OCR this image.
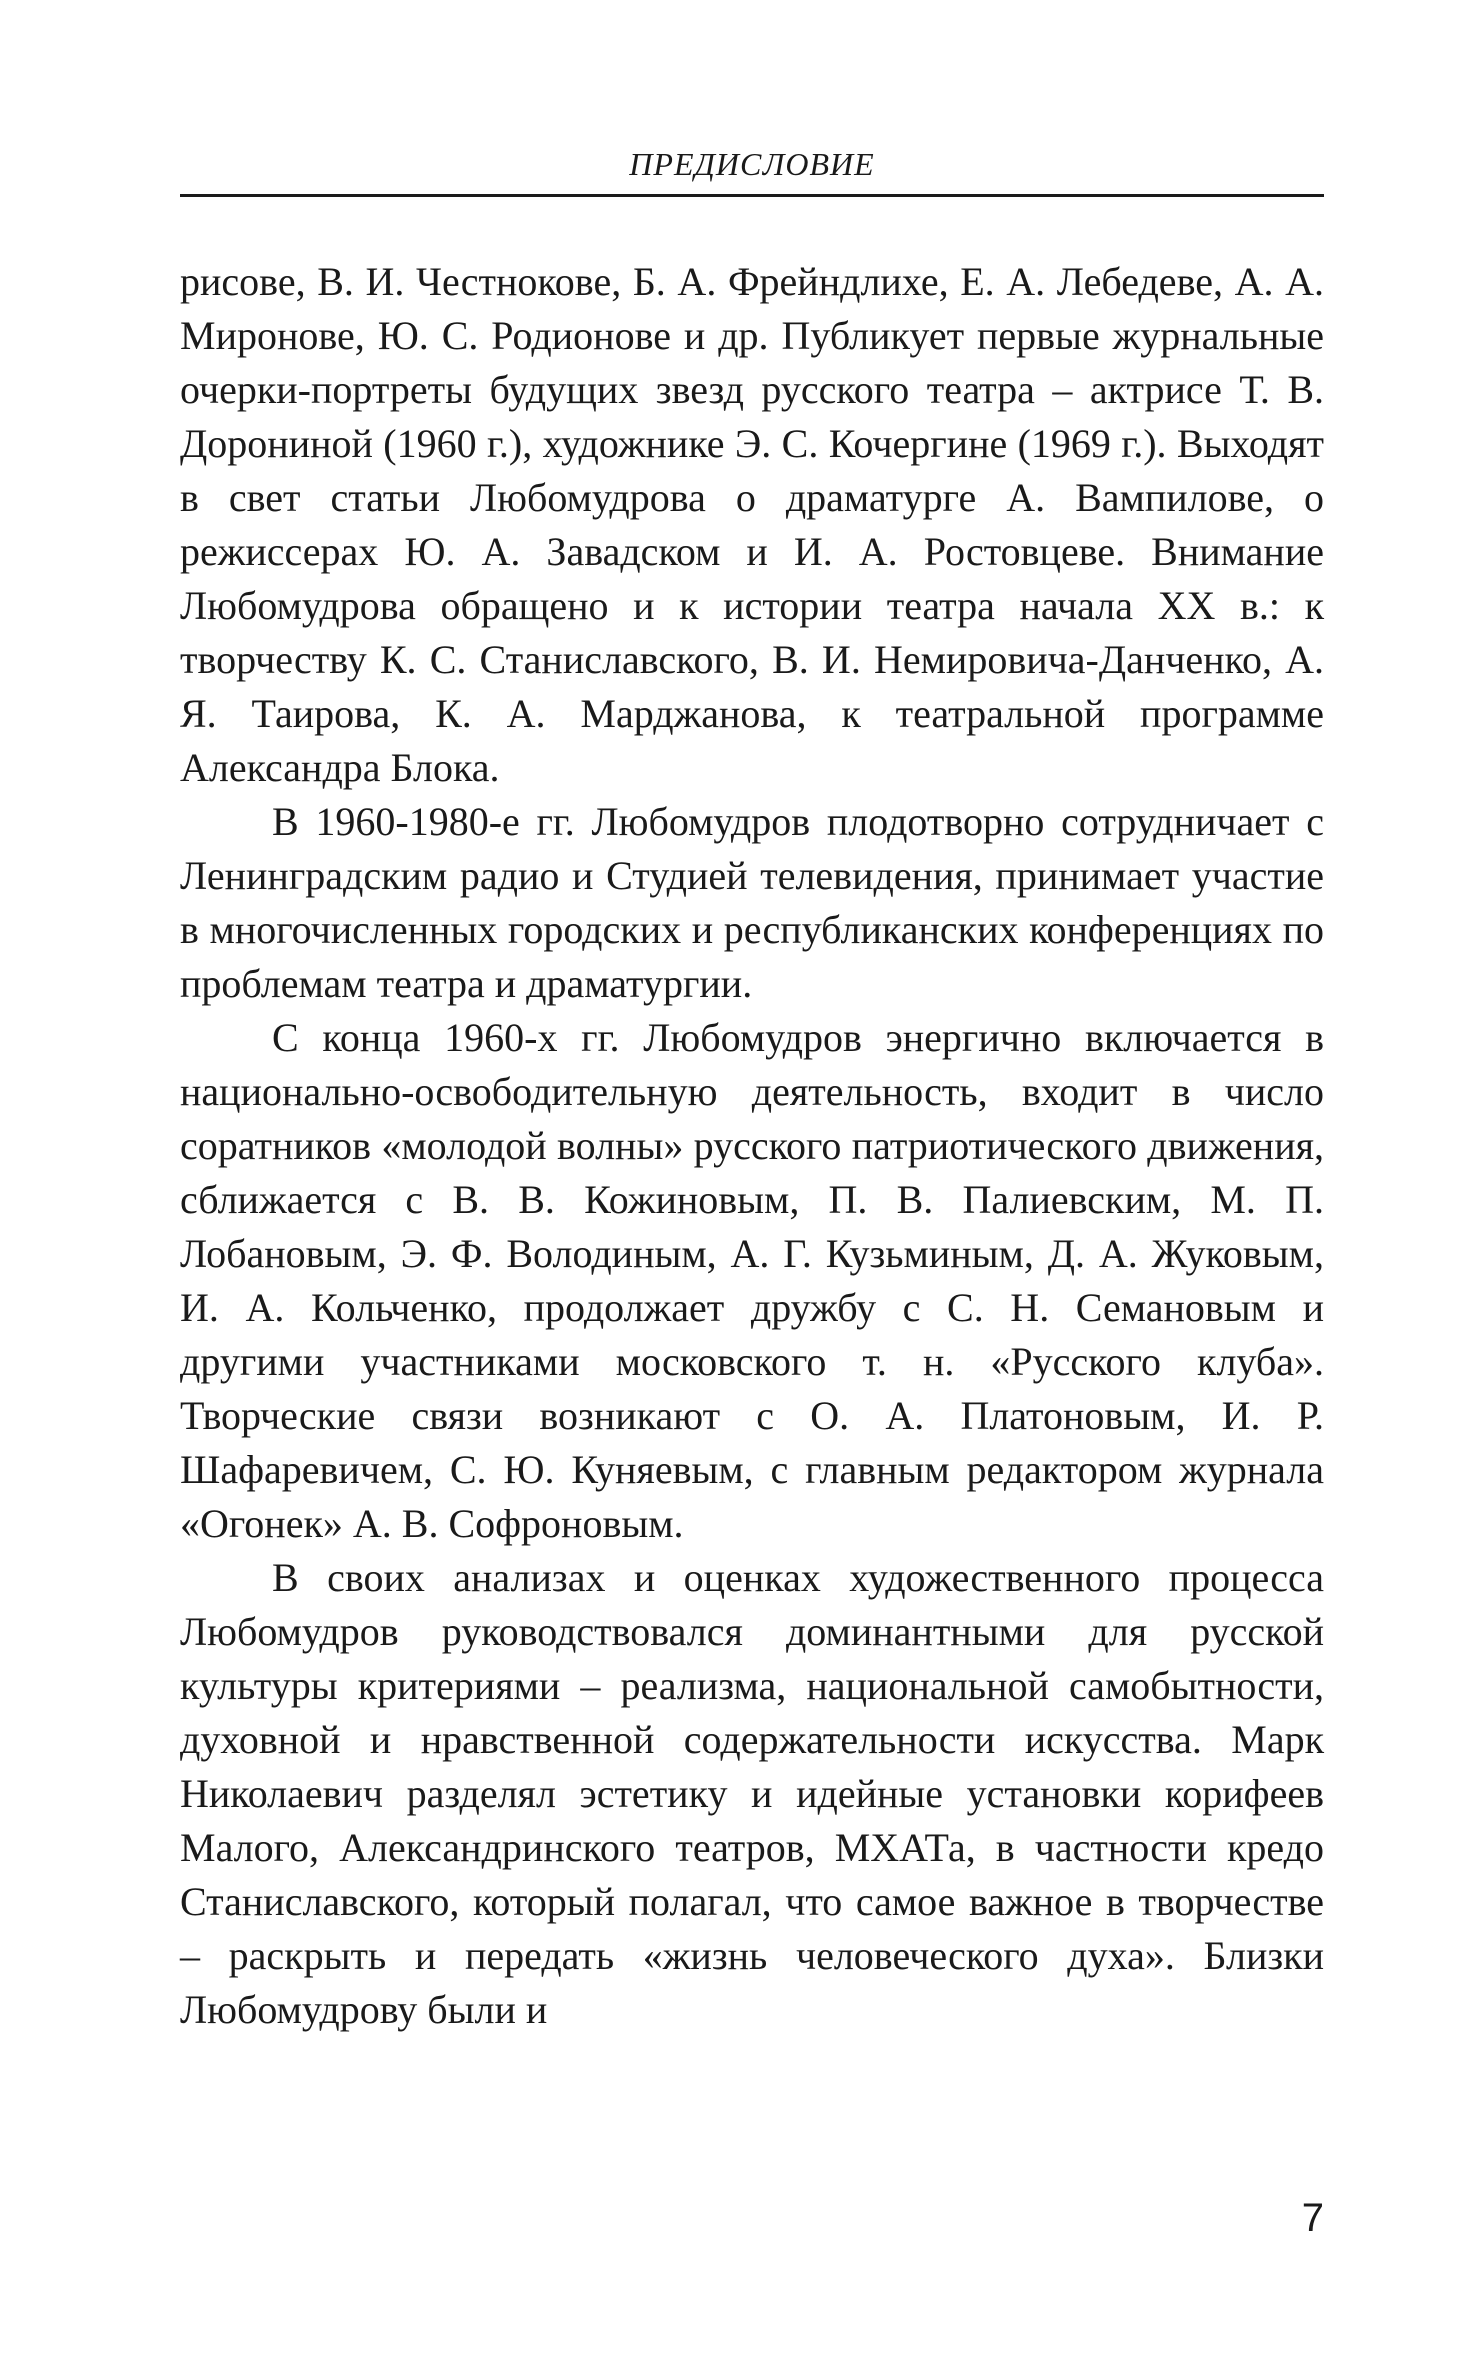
ПРЕДИСЛОВИЕ

рисове, В. И. Честнокове, Б. А. Фрейндлихе, Е. А. Лебедеве, А. А. Миронове, Ю. С. Родионове и др. Публикует первые журнальные очерки-портреты будущих звезд русского театра – актрисе Т. В. Дорониной (1960 г.), художнике Э. С. Кочергине (1969 г.). Выходят в свет статьи Любомудрова о драматурге А. Вампилове, о режиссерах Ю. А. Завадском и И. А. Ростовцеве. Внимание Любомудрова обращено и к истории театра начала XX в.: к творчеству К. С. Станиславского, В. И. Немировича-Данченко, А. Я. Таирова, К. А. Марджанова, к театральной программе Александра Блока.

В 1960-1980-е гг. Любомудров плодотворно сотрудничает с Ленинградским радио и Студией телевидения, принимает участие в многочисленных городских и республиканских конференциях по проблемам театра и драматургии.

С конца 1960-х гг. Любомудров энергично включается в национально-освободительную деятельность, входит в число соратников «молодой волны» русского патриотического движения, сближается с В. В. Кожиновым, П. В. Палиевским, М. П. Лобановым, Э. Ф. Володиным, А. Г. Кузьминым, Д. А. Жуковым, И. А. Кольченко, продолжает дружбу с С. Н. Семановым и другими участниками московского т. н. «Русского клуба». Творческие связи возникают с О. А. Платоновым, И. Р. Шафаревичем, С. Ю. Куняевым, с главным редактором журнала «Огонек» А. В. Софроновым.

В своих анализах и оценках художественного процесса Любомудров руководствовался доминантными для русской культуры критериями – реализма, национальной самобытности, духовной и нравственной содержательности искусства. Марк Николаевич разделял эстетику и идейные установки корифеев Малого, Александринского театров, МХАТа, в частности кредо Станиславского, который полагал, что самое важное в творчестве – раскрыть и передать «жизнь человеческого духа». Близки Любомудрову были и

7
